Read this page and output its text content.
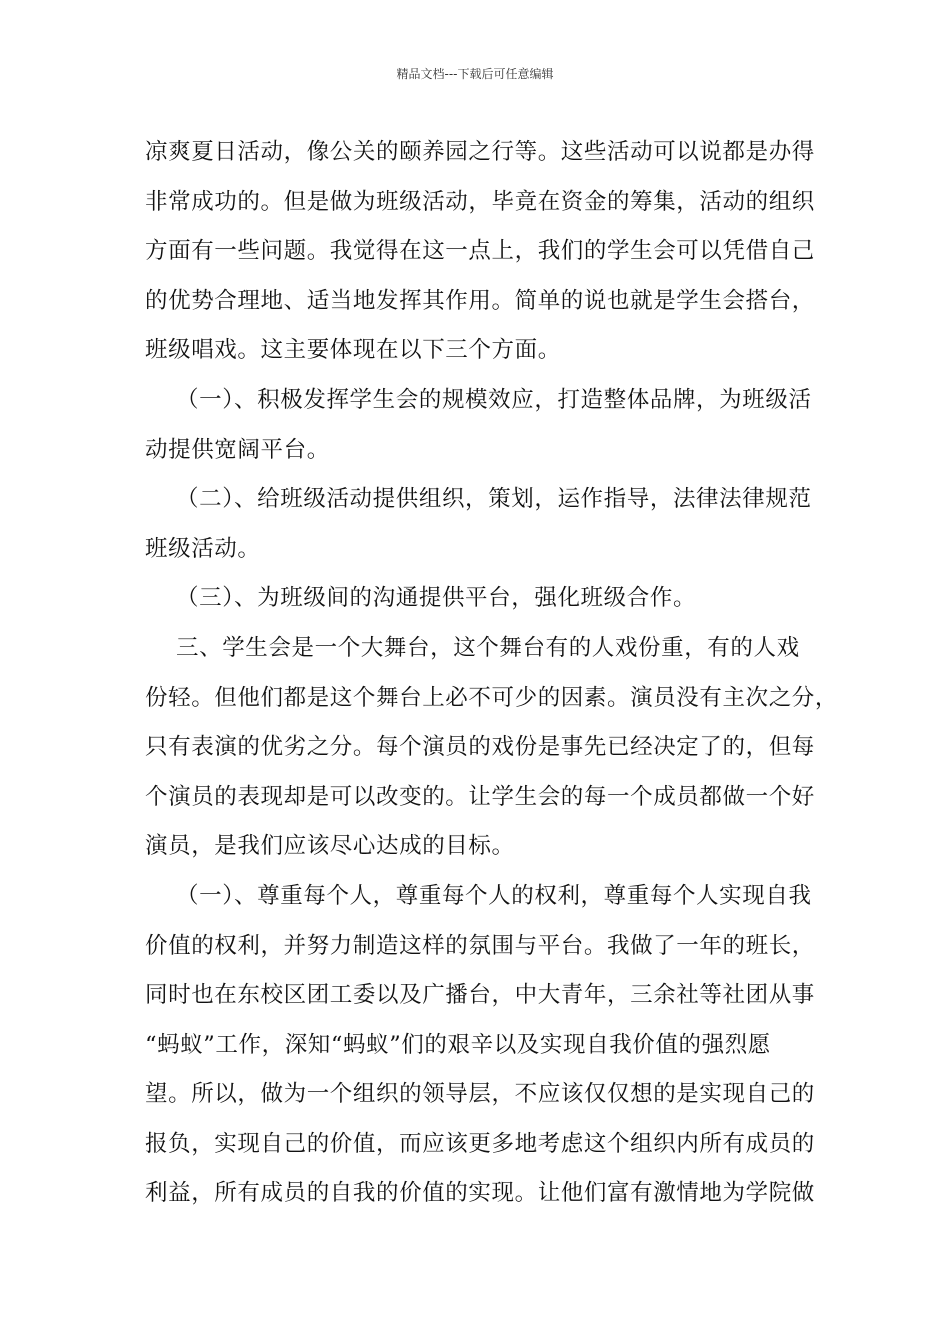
精品文档---下载后可任意编辑
凉爽夏日活动，像公关的颐养园之行等。这些活动可以说都是办得
非常成功的。但是做为班级活动，毕竟在资金的筹集，活动的组织
方面有一些问题。我觉得在这一点上，我们的学生会可以凭借自己
的优势合理地、适当地发挥其作用。简单的说也就是学生会搭台，
班级唱戏。这主要体现在以下三个方面。
（一）、积极发挥学生会的规模效应，打造整体品牌，为班级活
动提供宽阔平台。
（二）、给班级活动提供组织，策划，运作指导，法律法律规范
班级活动。
（三）、为班级间的沟通提供平台，强化班级合作。
三、学生会是一个大舞台，这个舞台有的人戏份重，有的人戏
份轻。但他们都是这个舞台上必不可少的因素。演员没有主次之分，
只有表演的优劣之分。每个演员的戏份是事先已经决定了的，但每
个演员的表现却是可以改变的。让学生会的每一个成员都做一个好
演员，是我们应该尽心达成的目标。
（一）、尊重每个人，尊重每个人的权利，尊重每个人实现自我
价值的权利，并努力制造这样的氛围与平台。我做了一年的班长，
同时也在东校区团工委以及广播台，中大青年，三余社等社团从事
“蚂蚁”工作，深知“蚂蚁”们的艰辛以及实现自我价值的强烈愿
望。所以，做为一个组织的领导层，不应该仅仅想的是实现自己的
报负，实现自己的价值，而应该更多地考虑这个组织内所有成员的
利益，所有成员的自我的价值的实现。让他们富有激情地为学院做
